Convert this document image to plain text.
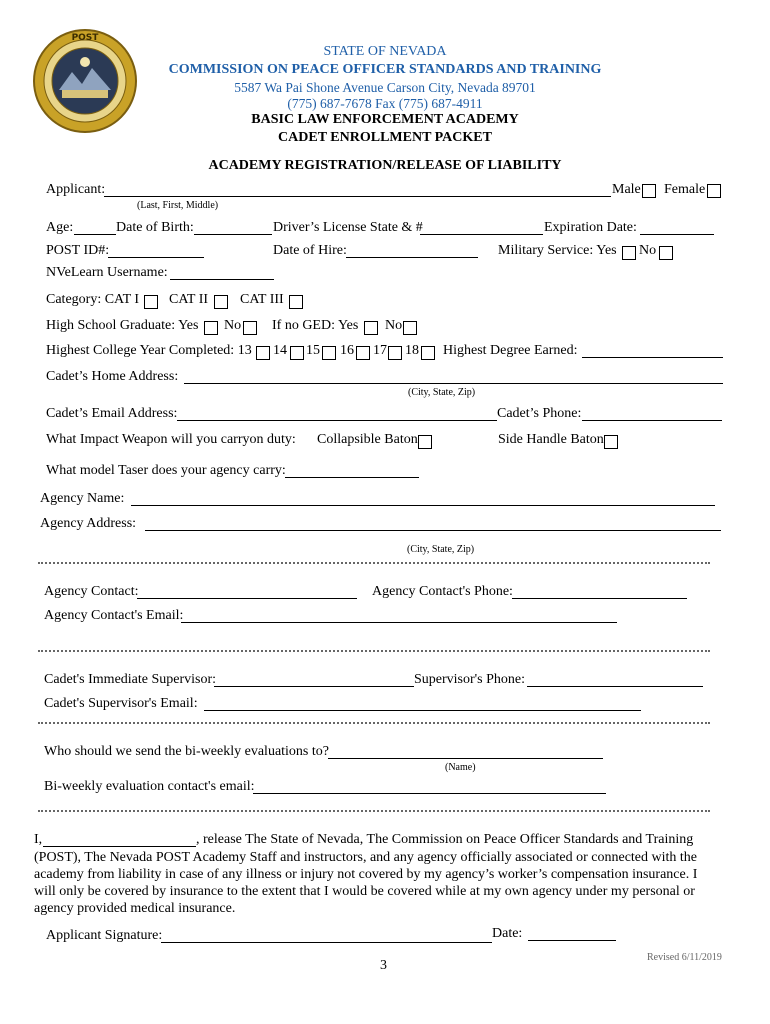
POST
STATE OF NEVADA
COMMISSION ON PEACE OFFICER STANDARDS AND TRAINING
5587 Wa Pai Shone Avenue Carson City, Nevada 89701
(775) 687-7678 Fax (775) 687-4911
BASIC LAW ENFORCEMENT ACADEMY
CADET ENROLLMENT PACKET
ACADEMY REGISTRATION/RELEASE OF LIABILITY
Applicant:	Male Female
(Last, First, Middle)
Age:	Date of Birth:	Driver’s License State & #	Expiration Date:
POST ID#:	Date of Hire:	Military Service: Yes No
NVeLearn Username:
Category: CAT I CAT II CAT III
High School Graduate: Yes No If no GED: Yes No
Highest College Year Completed: 13 14 15 16 17 18 Highest Degree Earned:
Cadet’s Home Address:
(City, State, Zip)
Cadet’s Email Address:	Cadet’s Phone:
What Impact Weapon will you carryon duty: Collapsible Baton	Side Handle Baton
What model Taser does your agency carry:
Agency Name:
Agency Address:
(City, State, Zip)
Agency Contact:	Agency Contact's Phone:
Agency Contact's Email:
Cadet's Immediate Supervisor:	Supervisor's Phone:
Cadet's Supervisor's Email:
Who should we send the bi-weekly evaluations to?
(Name)
Bi-weekly evaluation contact's email:
I,	, release The State of Nevada, The Commission on Peace Officer Standards and Training
(POST), The Nevada POST Academy Staff and instructors, and any agency officially associated or connected with the
academy from liability in case of any illness or injury not covered by my agency’s worker’s compensation insurance. I
will only be covered by insurance to the extent that I would be covered while at my own agency under my personal or
agency provided medical insurance.
Applicant Signature:	Date:
3
Revised 6/11/2019
